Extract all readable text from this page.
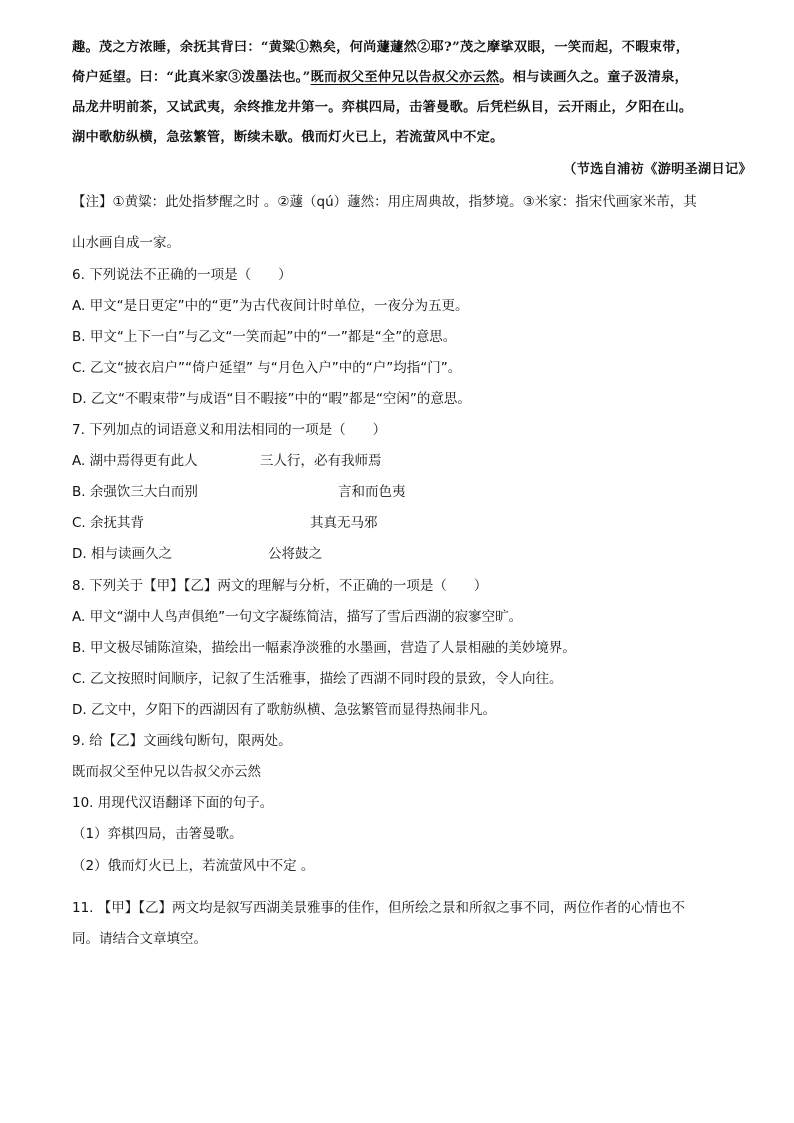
趣。茂之方浓睡，余抚其背曰：“黄粱①熟矣，何尚蘧蘧然②耶?”茂之摩挲双眼，一笑而起，不暇束带，
倚户延望。曰：“此真米家③泼墨法也。”既而叔父至仲兄以告叔父亦云然。相与读画久之。童子汲清泉，
品龙井明前茶，又试武夷，余终推龙井第一。弈棋四局，击箸曼歌。后凭栏纵目，云开雨止，夕阳在山。
湖中歌舫纵横，急弦繁管，断续未歇。俄而灯火已上，若流萤风中不定。
（节选自浦祊《游明圣湖日记》
【注】①黄粱：此处指梦醒之时 。②蘧（qú）蘧然：用庄周典故，指梦境。③米家：指宋代画家米芾，其
山水画自成一家。
6. 下列说法不正确的一项是（　　）
A. 甲文“是日更定”中的“更”为古代夜间计时单位，一夜分为五更。
B. 甲文“上下一白”与乙文“一笑而起”中的“一”都是“全”的意思。
C. 乙文“披衣启户”“倚户延望” 与“月色入户”中的“户”均指“门”。
D. 乙文“不暇束带”与成语“目不暇接”中的“暇”都是“空闲”的意思。
7. 下列加点的词语意义和用法相同的一项是（　　）
A. 湖中焉得更有此人	三人行，必有我师焉
B. 余强饮三大白而别	言和而色夷
C. 余抚其背	其真无马邪
D. 相与读画久之	公将鼓之
8. 下列关于【甲】【乙】两文的理解与分析，不正确的一项是（　　）
A. 甲文“湖中人鸟声俱绝”一句文字凝练简洁，描写了雪后西湖的寂寥空旷。
B. 甲文极尽铺陈渲染，描绘出一幅素净淡雅的水墨画，营造了人景相融的美妙境界。
C. 乙文按照时间顺序，记叙了生活雅事，描绘了西湖不同时段的景致，令人向往。
D. 乙文中，夕阳下的西湖因有了歌舫纵横、急弦繁管而显得热闹非凡。
9. 给【乙】文画线句断句，限两处。
既而叔父至仲兄以告叔父亦云然
10. 用现代汉语翻译下面的句子。
（1）弈棋四局，击箸曼歌。
（2）俄而灯火已上，若流萤风中不定 。
11. 【甲】【乙】两文均是叙写西湖美景雅事的佳作，但所绘之景和所叙之事不同，两位作者的心情也不
同。请结合文章填空。
